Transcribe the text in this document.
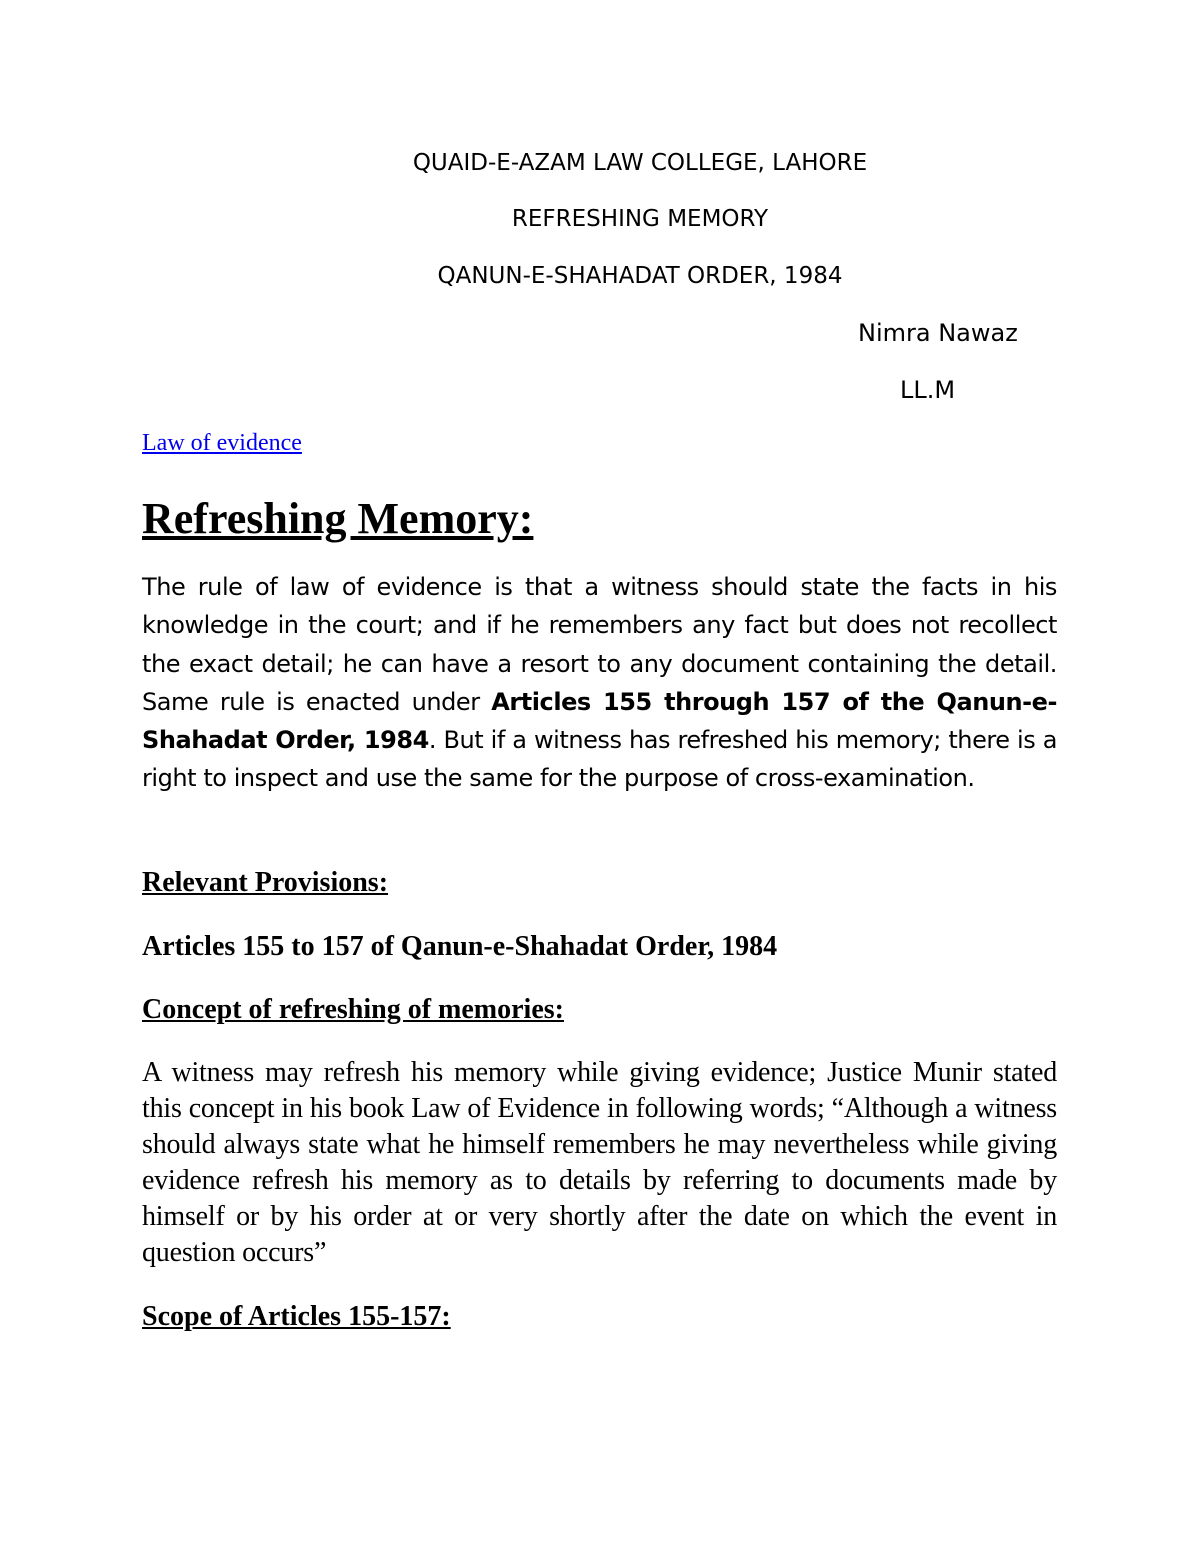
QUAID-E-AZAM LAW COLLEGE, LAHORE
REFRESHING MEMORY
QANUN-E-SHAHADAT ORDER, 1984
Nimra Nawaz
LL.M
Law of evidence
Refreshing Memory:

The rule of law of evidence is that a witness should state the facts in his knowledge in the court; and if he remembers any fact but does not recollect the exact detail; he can have a resort to any document containing the detail. Same rule is enacted under Articles 155 through 157 of the Qanun-e-Shahadat Order, 1984. But if a witness has refreshed his memory; there is a right to inspect and use the same for the purpose of cross-examination.

Relevant Provisions:

Articles 155 to 157 of Qanun-e-Shahadat Order, 1984

Concept of refreshing of memories:

A witness may refresh his memory while giving evidence; Justice Munir stated this concept in his book Law of Evidence in following words; “Although a witness should always state what he himself remembers he may nevertheless while giving evidence refresh his memory as to details by referring to documents made by himself or by his order at or very shortly after the date on which the event in question occurs”

Scope of Articles 155-157:
